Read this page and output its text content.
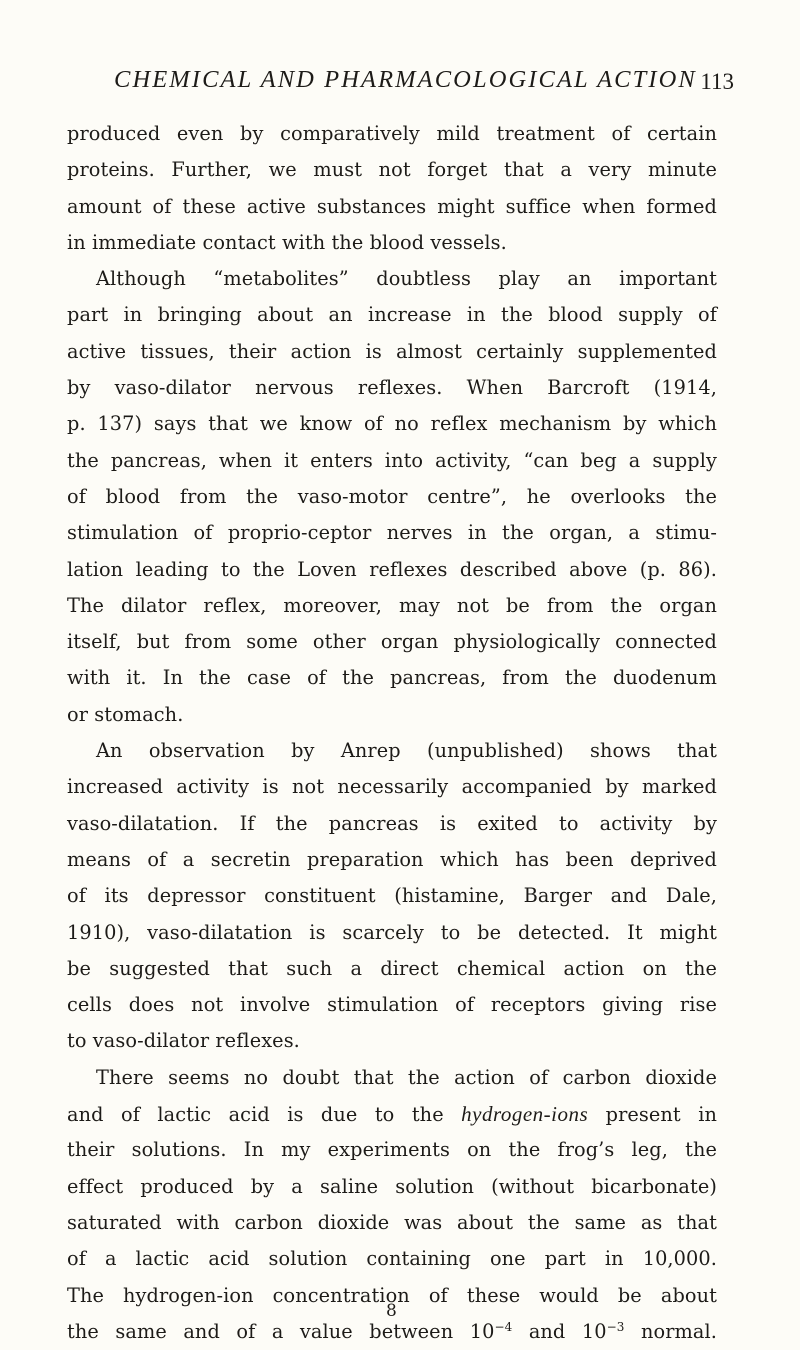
CHEMICAL AND PHARMACOLOGICAL ACTION 113
produced even by comparatively mild treatment of certain
proteins. Further, we must not forget that a very minute
amount of these active substances might suffice when formed
in immediate contact with the blood vessels.
Although “metabolites” doubtless play an important
part in bringing about an increase in the blood supply of
active tissues, their action is almost certainly supplemented
by vaso-dilator nervous reflexes. When Barcroft (1914,
p. 137) says that we know of no reflex mechanism by which
the pancreas, when it enters into activity, “can beg a supply
of blood from the vaso-motor centre”, he overlooks the
stimulation of proprio-ceptor nerves in the organ, a stimu-
lation leading to the Loven reflexes described above (p. 86).
The dilator reflex, moreover, may not be from the organ
itself, but from some other organ physiologically connected
with it. In the case of the pancreas, from the duodenum
or stomach.
An observation by Anrep (unpublished) shows that
increased activity is not necessarily accompanied by marked
vaso-dilatation. If the pancreas is exited to activity by
means of a secretin preparation which has been deprived
of its depressor constituent (histamine, Barger and Dale,
1910), vaso-dilatation is scarcely to be detected. It might
be suggested that such a direct chemical action on the
cells does not involve stimulation of receptors giving rise
to vaso-dilator reflexes.
There seems no doubt that the action of carbon dioxide
and of lactic acid is due to the hydrogen-ions present in
their solutions. In my experiments on the frog’s leg, the
effect produced by a saline solution (without bicarbonate)
saturated with carbon dioxide was about the same as that
of a lactic acid solution containing one part in 10,000.
The hydrogen-ion concentration of these would be about
the same and of a value between $10^{-4}$ and $10^{-3}$ normal.
8
